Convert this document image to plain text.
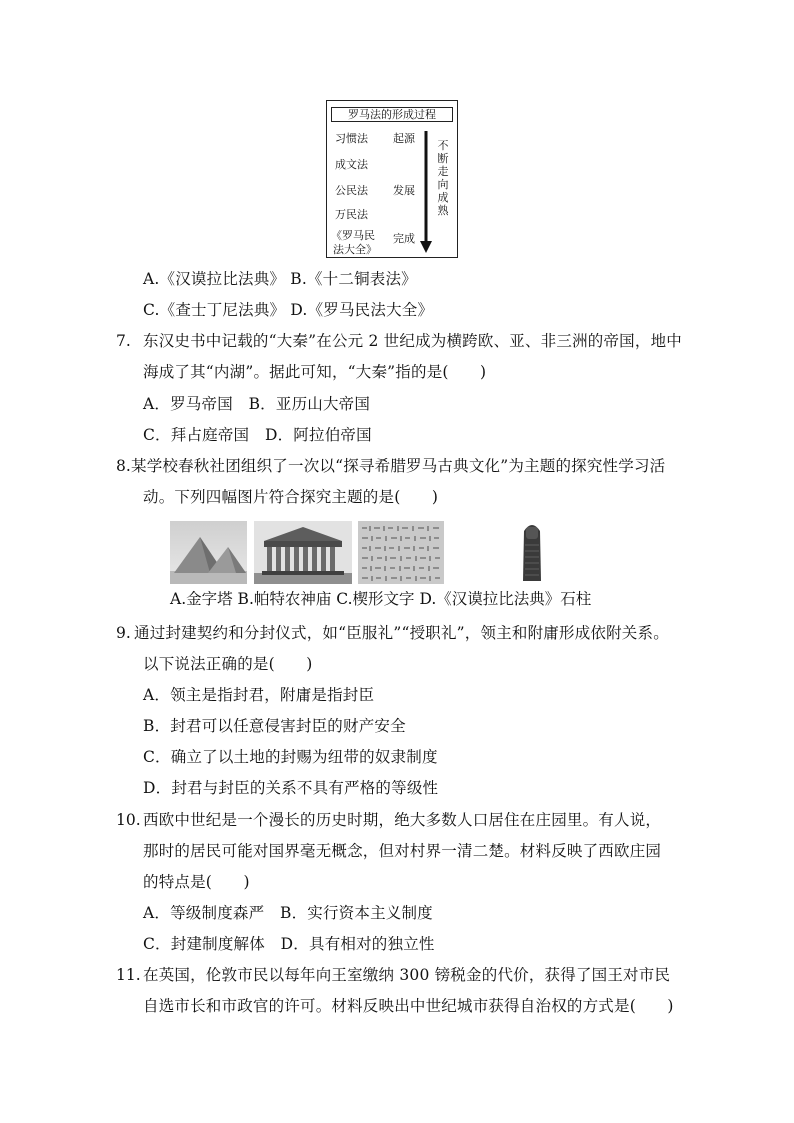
罗马法的形成过程
习惯法
成文法
公民法
万民法
《罗马民
法大全》
起源
发展
完成
不断走向成熟
A.《汉谟拉比法典》 B.《十二铜表法》
C.《查士丁尼法典》 D.《罗马民法大全》
7. 东汉史书中记载的“大秦”在公元 2 世纪成为横跨欧、亚、非三洲的帝国，地中
海成了其“内湖”。据此可知，“大秦”指的是(　　)
A．罗马帝国　B．亚历山大帝国
C．拜占庭帝国　D．阿拉伯帝国
8. 某学校春秋社团组织了一次以“探寻希腊罗马古典文化”为主题的探究性学习活
动。下列四幅图片符合探究主题的是(　　)
A.金字塔 B.帕特农神庙 C.楔形文字 D.《汉谟拉比法典》石柱
9. 通过封建契约和分封仪式，如“臣服礼”“授职礼”，领主和附庸形成依附关系。
以下说法正确的是(　　)
A．领主是指封君，附庸是指封臣
B．封君可以任意侵害封臣的财产安全
C．确立了以土地的封赐为纽带的奴隶制度
D．封君与封臣的关系不具有严格的等级性
10. 西欧中世纪是一个漫长的历史时期，绝大多数人口居住在庄园里。有人说，
那时的居民可能对国界毫无概念，但对村界一清二楚。材料反映了西欧庄园
的特点是(　　)
A．等级制度森严　B．实行资本主义制度
C．封建制度解体　D．具有相对的独立性
11. 在英国，伦敦市民以每年向王室缴纳 300 镑税金的代价，获得了国王对市民
自选市长和市政官的许可。材料反映出中世纪城市获得自治权的方式是(　　)
